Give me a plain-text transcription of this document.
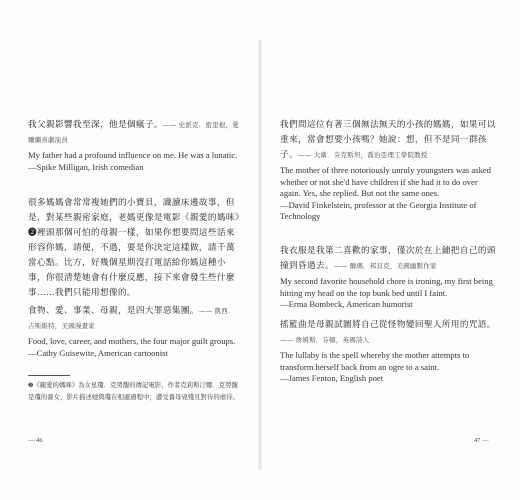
我父親影響我至深，他是個瘋子。—— 史派克．密里根，愛爾蘭喜劇演員

My father had a profound influence on me. He was a lunatic.

—Spike Milligan, Irish comedian

很多媽媽會常常複她們的小寶貝，識讀床邊故事，但是，對某些親密家庭，老媽更像是電影《親愛的媽咪》❷裡頭那個可怕的母親一樣，如果你想要問這些話來形容你媽，請便，不過，要是你決定這樣做，請千萬當心點。比方，好幾個星期沒打電話給你媽這種小事，你很清楚她會有什麼反應，接下來會發生些什麼事……我們只能用想像的。

食物、愛、事業、母親，是四大罪惡集團。—— 凱西．吉斯維特，美國漫畫家

Food, love, career, and mothers, the four major guilt groups.

—Cathy Guisewite, American cartoonist

❷《親愛的媽咪》為女星瓊．克勞馥的傳記電影，作者克莉斯汀娜．克勞馥是瓊的養女，影片描述她與瓊在相處過程中，遭受養母兇殘且對待的虐待。

— 46

我們問這位有著三個無法無天的小孩的媽媽，如果可以重來，當會想要小孩嗎？她說：想，但不是同一群孩子。—— 大衛．芬克斯坦，喬治亞理工學院教授

The mother of three notoriously unruly youngsters was asked whether or not she'd have children if she had it to do over again. Yes, she replied. But not the same ones.

—David Finkelstein, professor at the Georgia Institute of Technology

我衣服是我第二喜歡的家事，僅次於在上鋪把自己的頭撞到昏過去。—— 爾瑪．邦貝克，美國幽默作家

My second favorite household chore is ironing, my first being hitting my head on the top bunk bed until I faint.

—Erma Bombeck, American humorist

搖籃曲是母親試圖將自己從怪物變回聖人所用的咒語。—— 詹姆斯．芬頓，英國詩人

The lullaby is the spell whereby the mother attempts to transform herself back from an ogre to a saint.

—James Fenton, English poet

47 —
